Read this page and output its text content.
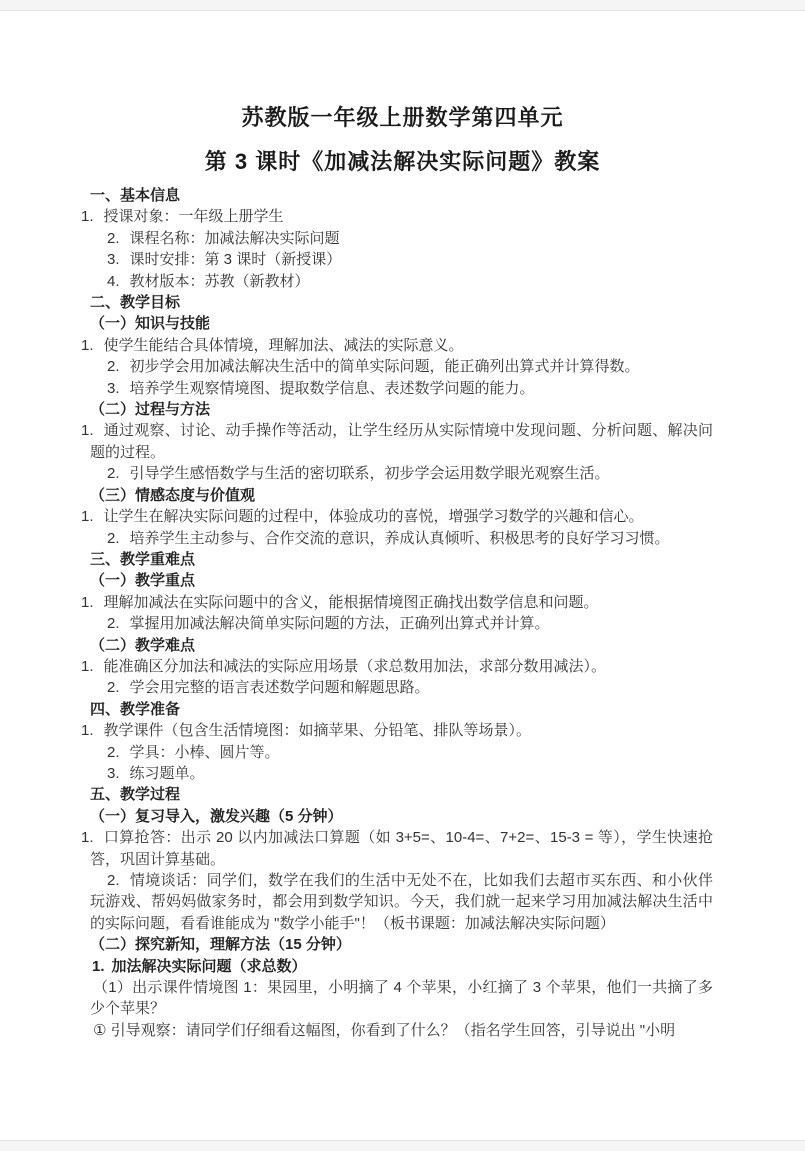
苏教版一年级上册数学第四单元
第 3 课时《加减法解决实际问题》教案

一、基本信息

1. 授课对象：一年级上册学生

2. 课程名称：加减法解决实际问题

3. 课时安排：第 3 课时（新授课）

4. 教材版本：苏教（新教材）

二、教学目标

（一）知识与技能

1. 使学生能结合具体情境，理解加法、减法的实际意义。

2. 初步学会用加减法解决生活中的简单实际问题，能正确列出算式并计算得数。

3. 培养学生观察情境图、提取数学信息、表述数学问题的能力。

（二）过程与方法

1. 通过观察、讨论、动手操作等活动，让学生经历从实际情境中发现问题、分析问题、解决问题的过程。

2. 引导学生感悟数学与生活的密切联系，初步学会运用数学眼光观察生活。

（三）情感态度与价值观

1. 让学生在解决实际问题的过程中，体验成功的喜悦，增强学习数学的兴趣和信心。

2. 培养学生主动参与、合作交流的意识，养成认真倾听、积极思考的良好学习习惯。

三、教学重难点

（一）教学重点

1. 理解加减法在实际问题中的含义，能根据情境图正确找出数学信息和问题。

2. 掌握用加减法解决简单实际问题的方法，正确列出算式并计算。

（二）教学难点

1. 能准确区分加法和减法的实际应用场景（求总数用加法，求部分数用减法）。

2. 学会用完整的语言表述数学问题和解题思路。

四、教学准备

1. 教学课件（包含生活情境图：如摘苹果、分铅笔、排队等场景）。

2. 学具：小棒、圆片等。

3. 练习题单。

五、教学过程

（一）复习导入，激发兴趣（5 分钟）

1. 口算抢答：出示 20 以内加减法口算题（如 3+5=、10-4=、7+2=、15-3 = 等），学生快速抢答，巩固计算基础。

2. 情境谈话：同学们，数学在我们的生活中无处不在，比如我们去超市买东西、和小伙伴玩游戏、帮妈妈做家务时，都会用到数学知识。今天，我们就一起来学习用加减法解决生活中的实际问题，看看谁能成为 "数学小能手"！（板书课题：加减法解决实际问题）

（二）探究新知，理解方法（15 分钟）

1. 加法解决实际问题（求总数）

（1）出示课件情境图 1：果园里，小明摘了 4 个苹果，小红摘了 3 个苹果，他们一共摘了多少个苹果？

① 引导观察：请同学们仔细看这幅图，你看到了什么？（指名学生回答，引导说出 "小明
